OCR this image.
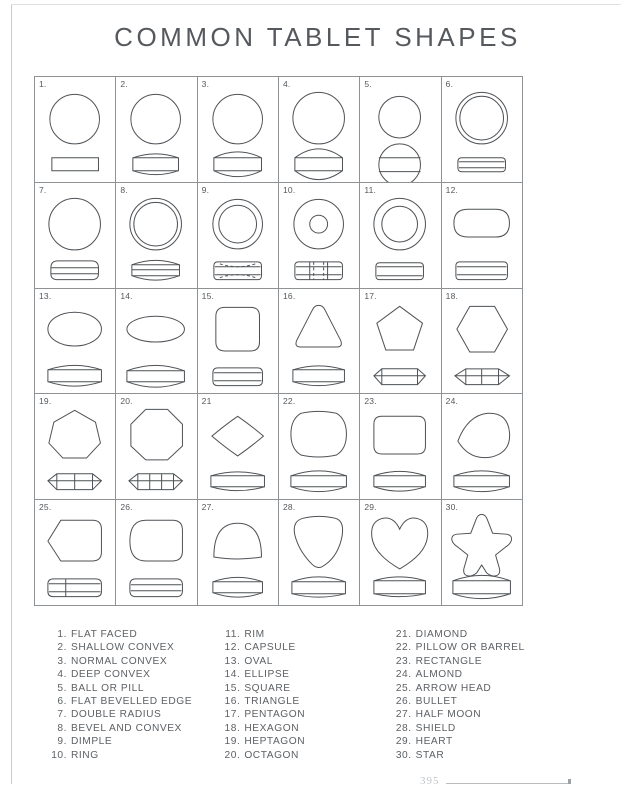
COMMON TABLET SHAPES
1.	2.	3.	4.	5.	6.
7.	8.	9.	10.	11.	12.
13.	14.	15.	16.	17.	18.
19.	20.	21	22.	23.	24.
25.	26.	27.	28.	29.	30.
1. FLAT FACED
2. SHALLOW CONVEX
3. NORMAL CONVEX
4. DEEP CONVEX
5. BALL OR PILL
6. FLAT BEVELLED EDGE
7. DOUBLE RADIUS
8. BEVEL AND CONVEX
9. DIMPLE
10. RING
11. RIM
12. CAPSULE
13. OVAL
14. ELLIPSE
15. SQUARE
16. TRIANGLE
17. PENTAGON
18. HEXAGON
19. HEPTAGON
20. OCTAGON
21. DIAMOND
22. PILLOW OR BARREL
23. RECTANGLE
24. ALMOND
25. ARROW HEAD
26. BULLET
27. HALF MOON
28. SHIELD
29. HEART
30. STAR
395
